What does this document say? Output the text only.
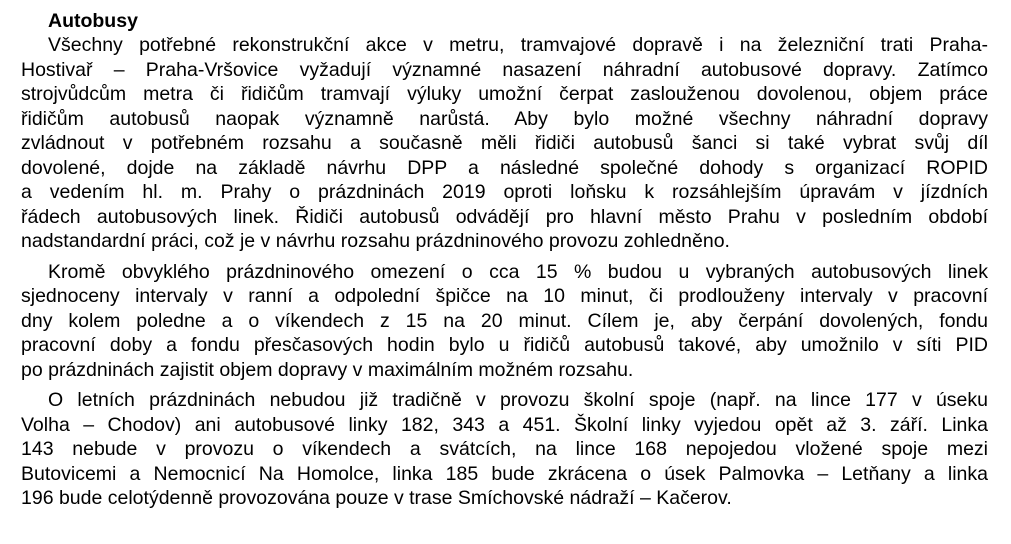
Autobusy
Všechny potřebné rekonstrukční akce v metru, tramvajové dopravě i na železniční trati Praha-
Hostivař – Praha-Vršovice vyžadují významné nasazení náhradní autobusové dopravy. Zatímco
strojvůdcům metra či řidičům tramvají výluky umožní čerpat zaslouženou dovolenou, objem práce
řidičům autobusů naopak významně narůstá. Aby bylo možné všechny náhradní dopravy
zvládnout v potřebném rozsahu a současně měli řidiči autobusů šanci si také vybrat svůj díl
dovolené, dojde na základě návrhu DPP a následné společné dohody s organizací ROPID
a vedením hl. m. Prahy o prázdninách 2019 oproti loňsku k rozsáhlejším úpravám v jízdních
řádech autobusových linek. Řidiči autobusů odvádějí pro hlavní město Prahu v posledním období
nadstandardní práci, což je v návrhu rozsahu prázdninového provozu zohledněno.
Kromě obvyklého prázdninového omezení o cca 15 % budou u vybraných autobusových linek
sjednoceny intervaly v ranní a odpolední špičce na 10 minut, či prodlouženy intervaly v pracovní
dny kolem poledne a o víkendech z 15 na 20 minut. Cílem je, aby čerpání dovolených, fondu
pracovní doby a fondu přesčasových hodin bylo u řidičů autobusů takové, aby umožnilo v síti PID
po prázdninách zajistit objem dopravy v maximálním možném rozsahu.
O letních prázdninách nebudou již tradičně v provozu školní spoje (např. na lince 177 v úseku
Volha – Chodov) ani autobusové linky 182, 343 a 451. Školní linky vyjedou opět až 3. září. Linka
143 nebude v provozu o víkendech a svátcích, na lince 168 nepojedou vložené spoje mezi
Butovicemi a Nemocnicí Na Homolce, linka 185 bude zkrácena o úsek Palmovka – Letňany a linka
196 bude celotýdenně provozována pouze v trase Smíchovské nádraží – Kačerov.
